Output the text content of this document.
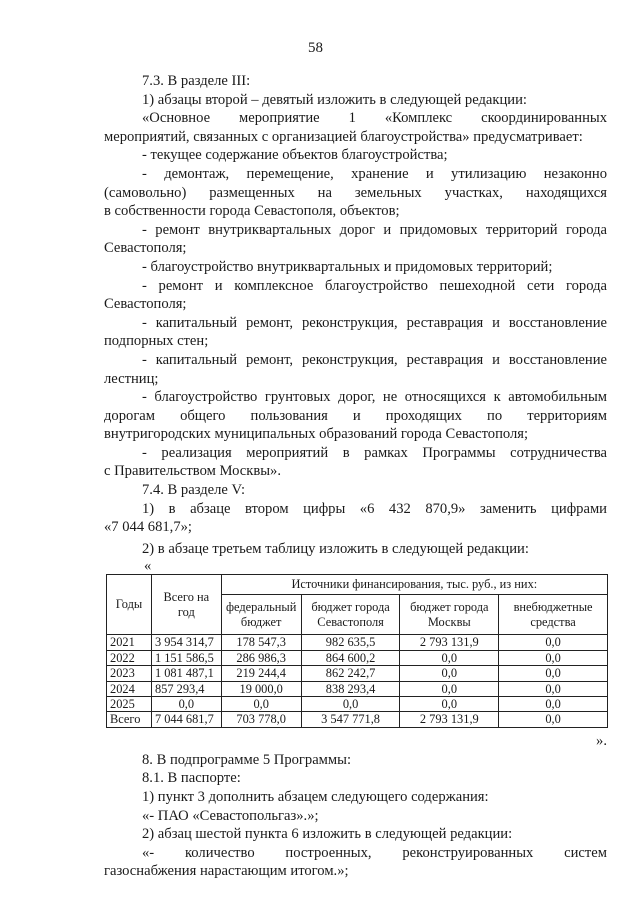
58
7.3. В разделе III:
1) абзацы второй – девятый изложить в следующей редакции:
«Основное мероприятие 1 «Комплекс скоординированных
мероприятий, связанных с организацией благоустройства» предусматривает:
- текущее содержание объектов благоустройства;
- демонтаж, перемещение, хранение и утилизацию незаконно
(самовольно) размещенных на земельных участках, находящихся
в собственности города Севастополя, объектов;
- ремонт внутриквартальных дорог и придомовых территорий города
Севастополя;
- благоустройство внутриквартальных и придомовых территорий;
- ремонт и комплексное благоустройство пешеходной сети города
Севастополя;
- капитальный ремонт, реконструкция, реставрация и восстановление
подпорных стен;
- капитальный ремонт, реконструкция, реставрация и восстановление
лестниц;
- благоустройство грунтовых дорог, не относящихся к автомобильным
дорогам общего пользования и проходящих по территориям
внутригородских муниципальных образований города Севастополя;
- реализация мероприятий в рамках Программы сотрудничества
с Правительством Москвы».
7.4. В разделе V:
1) в абзаце втором цифры «6 432 870,9» заменить цифрами
«7 044 681,7»;
2) в абзаце третьем таблицу изложить в следующей редакции:
«
Годы	Всего на год	Источники финансирования, тыс. руб., из них:			
		федеральный бюджет	бюджет города Севастополя	бюджет города Москвы	внебюджетные средства
2021	3 954 314,7	178 547,3	982 635,5	2 793 131,9	0,0
2022	1 151 586,5	286 986,3	864 600,2	0,0	0,0
2023	1 081 487,1	219 244,4	862 242,7	0,0	0,0
2024	857 293,4	19 000,0	838 293,4	0,0	0,0
2025	0,0	0,0	0,0	0,0	0,0
Всего	7 044 681,7	703 778,0	3 547 771,8	2 793 131,9	0,0
».
8. В подпрограмме 5 Программы:
8.1. В паспорте:
1) пункт 3 дополнить абзацем следующего содержания:
«- ПАО «Севастопольгаз».»;
2) абзац шестой пункта 6 изложить в следующей редакции:
«- количество построенных, реконструированных систем
газоснабжения нарастающим итогом.»;
